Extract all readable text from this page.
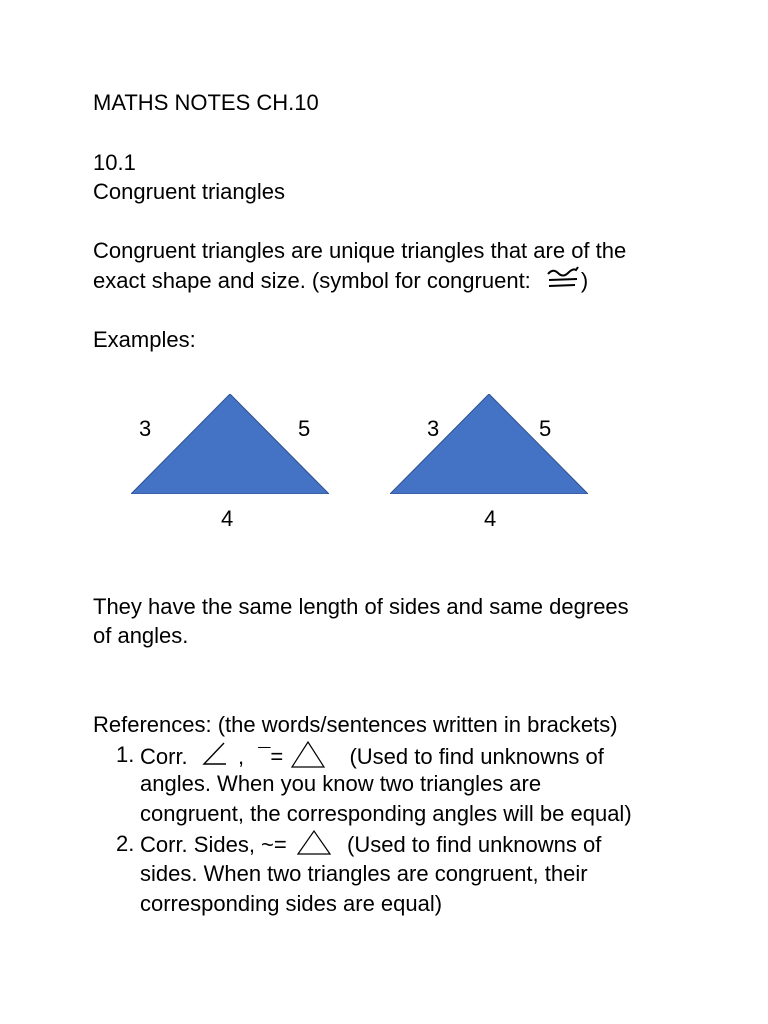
MATHS NOTES CH.10
10.1
Congruent triangles
Congruent triangles are unique triangles that are of the
exact shape and size. (symbol for congruent: )
Examples:
3	5
4
3	5
4
They have the same length of sides and same degrees
of angles.
References: (the words/sentences written in brackets)
1. Corr. , ¯=	(Used to find unknowns of
angles. When you know two triangles are
congruent, the corresponding angles will be equal)
2. Corr. Sides, ~=	(Used to find unknowns of
sides. When two triangles are congruent, their
corresponding sides are equal)
